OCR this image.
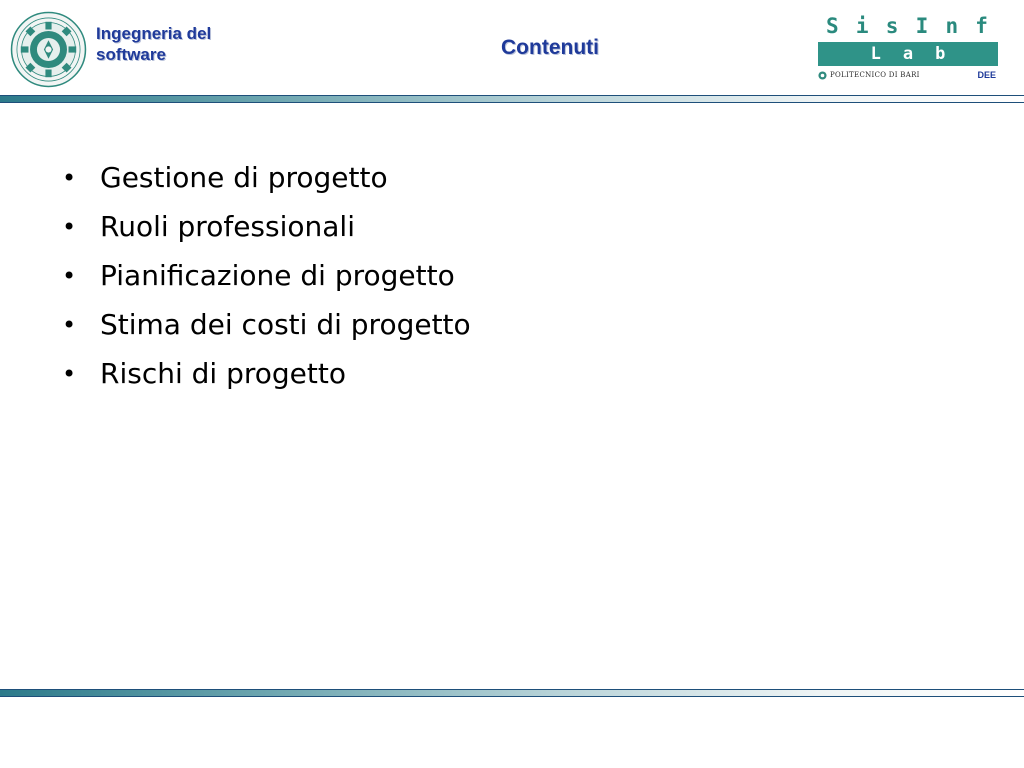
Ingegneria del software	Contenuti
S i s I n f
L a b
POLITECNICO DI BARI	DEE
• Gestione di progetto
• Ruoli professionali
• Pianificazione di progetto
• Stima dei costi di progetto
• Rischi di progetto
